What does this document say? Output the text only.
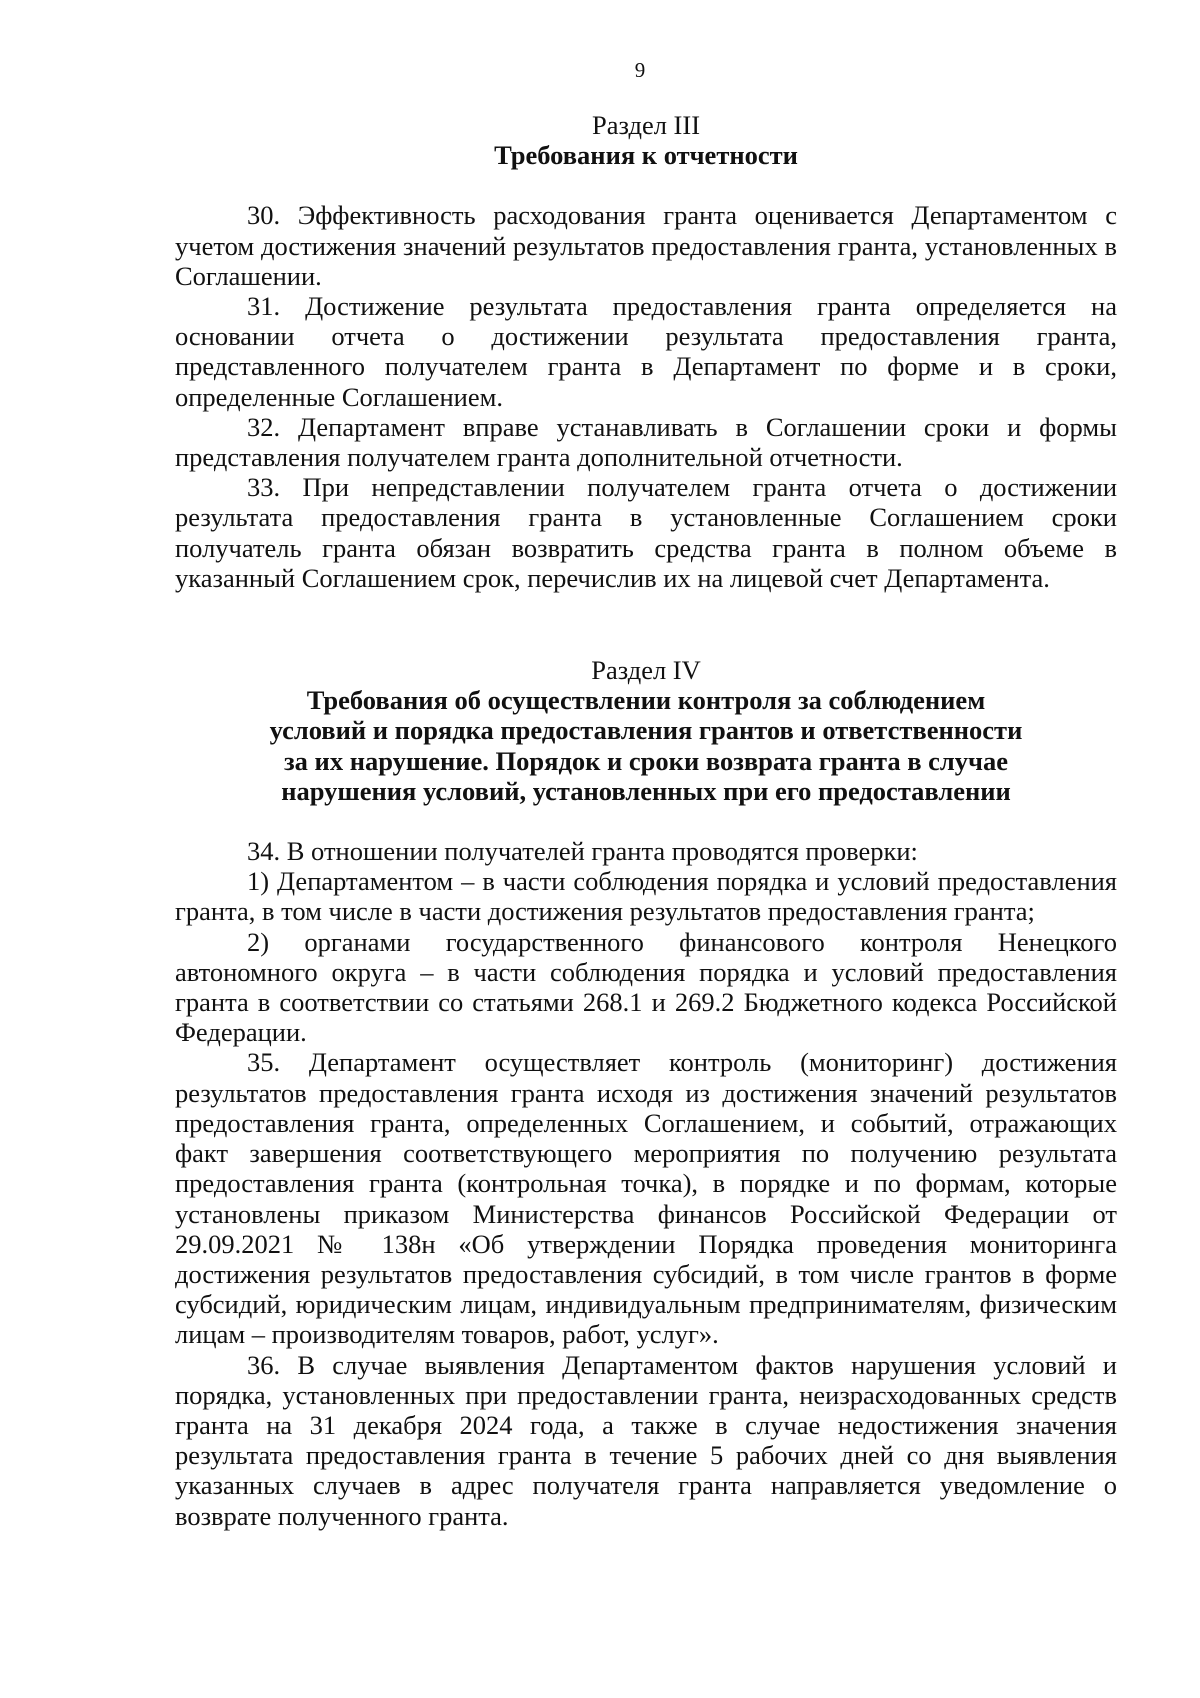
9

Раздел III

Требования к отчетности

30. Эффективность расходования гранта оценивается Департаментом с учетом достижения значений результатов предоставления гранта, установленных в Соглашении.

31. Достижение результата предоставления гранта определяется на основании отчета о достижении результата предоставления гранта, представленного получателем гранта в Департамент по форме и в сроки, определенные Соглашением.

32. Департамент вправе устанавливать в Соглашении сроки и формы представления получателем гранта дополнительной отчетности.

33. При непредставлении получателем гранта отчета о достижении результата предоставления гранта в установленные Соглашением сроки получатель гранта обязан возвратить средства гранта в полном объеме в указанный Соглашением срок, перечислив их на лицевой счет Департамента.

Раздел IV

Требования об осуществлении контроля за соблюдением

условий и порядка предоставления грантов и ответственности

за их нарушение. Порядок и сроки возврата гранта в случае

нарушения условий, установленных при его предоставлении

34. В отношении получателей гранта проводятся проверки:

1) Департаментом – в части соблюдения порядка и условий предоставления гранта, в том числе в части достижения результатов предоставления гранта;

2) органами государственного финансового контроля Ненецкого автономного округа – в части соблюдения порядка и условий предоставления гранта в соответствии со статьями 268.1 и 269.2 Бюджетного кодекса Российской Федерации.

35. Департамент осуществляет контроль (мониторинг) достижения результатов предоставления гранта исходя из достижения значений результатов предоставления гранта, определенных Соглашением, и событий, отражающих факт завершения соответствующего мероприятия по получению результата предоставления гранта (контрольная точка), в порядке и по формам, которые установлены приказом Министерства финансов Российской Федерации от 29.09.2021 № 138н «Об утверждении Порядка проведения мониторинга достижения результатов предоставления субсидий, в том числе грантов в форме субсидий, юридическим лицам, индивидуальным предпринимателям, физическим лицам – производителям товаров, работ, услуг».

36. В случае выявления Департаментом фактов нарушения условий и порядка, установленных при предоставлении гранта, неизрасходованных средств гранта на 31 декабря 2024 года, а также в случае недостижения значения результата предоставления гранта в течение 5 рабочих дней со дня выявления указанных случаев в адрес получателя гранта направляется уведомление о возврате полученного гранта.
